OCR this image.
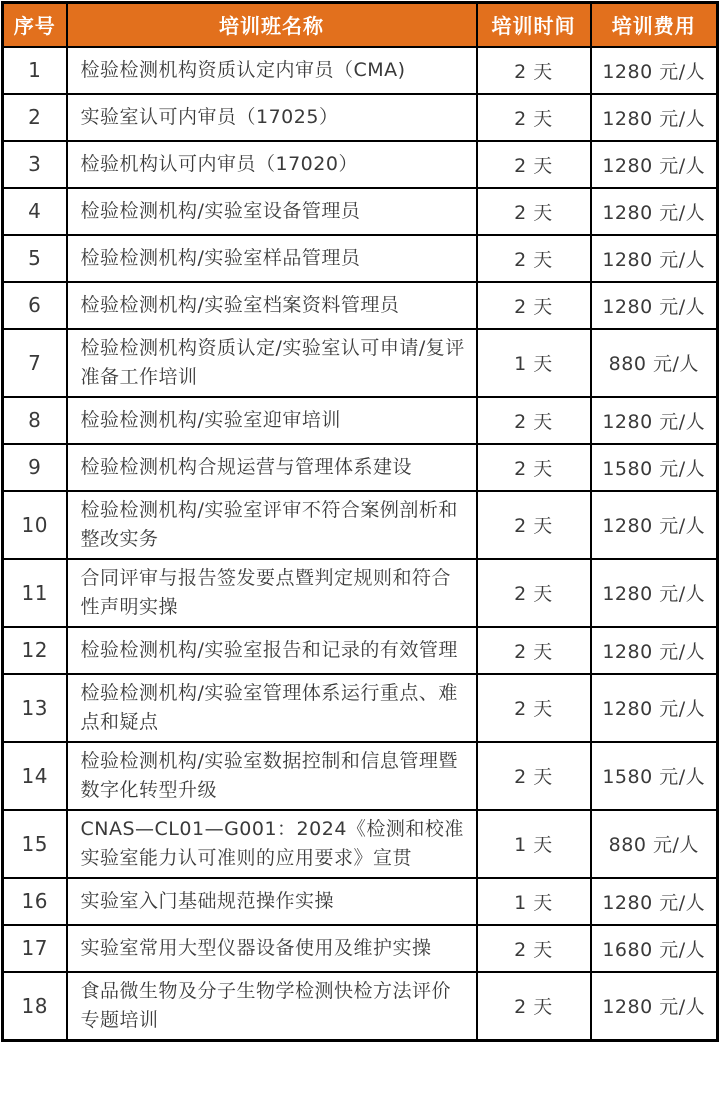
序号	培训班名称	培训时间	培训费用
1	检验检测机构资质认定内审员（CMA)	2 天	1280 元/人
2	实验室认可内审员（17025）	2 天	1280 元/人
3	检验机构认可内审员（17020）	2 天	1280 元/人
4	检验检测机构/实验室设备管理员	2 天	1280 元/人
5	检验检测机构/实验室样品管理员	2 天	1280 元/人
6	检验检测机构/实验室档案资料管理员	2 天	1280 元/人
7	检验检测机构资质认定/实验室认可申请/复评准备工作培训	1 天	880 元/人
8	检验检测机构/实验室迎审培训	2 天	1280 元/人
9	检验检测机构合规运营与管理体系建设	2 天	1580 元/人
10	检验检测机构/实验室评审不符合案例剖析和整改实务	2 天	1280 元/人
11	合同评审与报告签发要点暨判定规则和符合性声明实操	2 天	1280 元/人
12	检验检测机构/实验室报告和记录的有效管理	2 天	1280 元/人
13	检验检测机构/实验室管理体系运行重点、难点和疑点	2 天	1280 元/人
14	检验检测机构/实验室数据控制和信息管理暨数字化转型升级	2 天	1580 元/人
15	CNAS—CL01—G001：2024《检测和校准实验室能力认可准则的应用要求》宣贯	1 天	880 元/人
16	实验室入门基础规范操作实操	1 天	1280 元/人
17	实验室常用大型仪器设备使用及维护实操	2 天	1680 元/人
18	食品微生物及分子生物学检测快检方法评价专题培训	2 天	1280 元/人
